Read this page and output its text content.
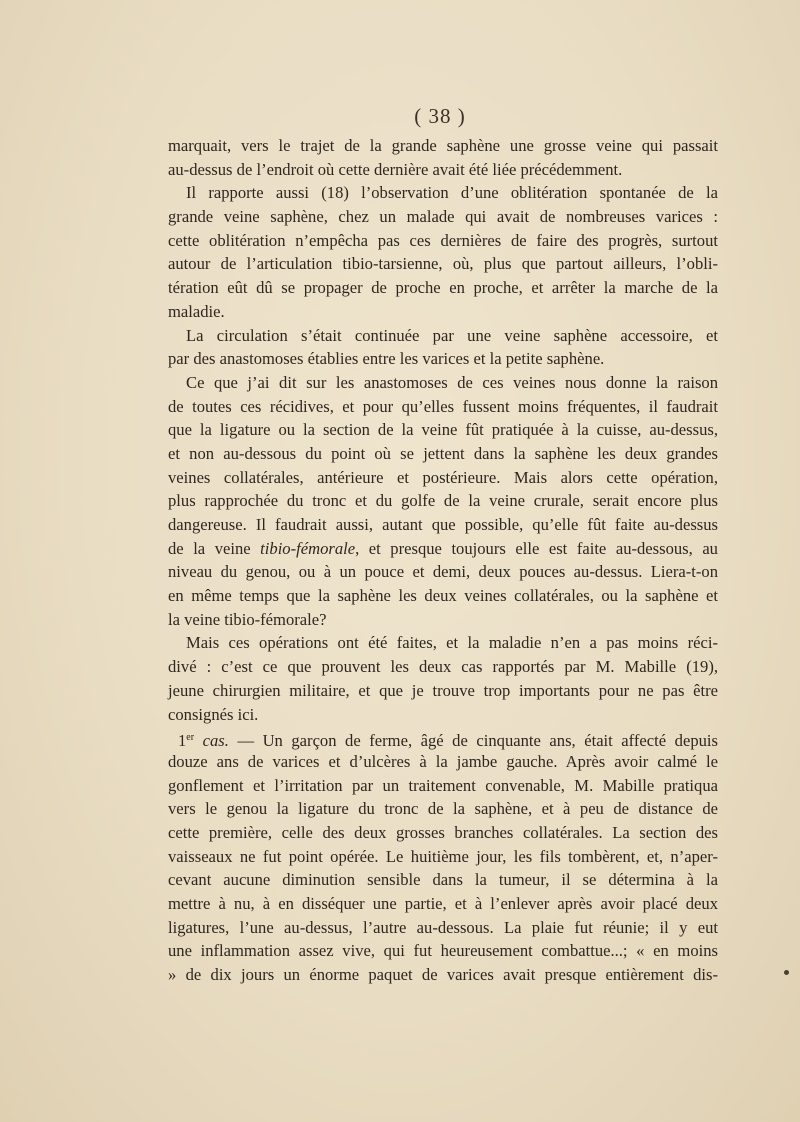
( 38 )
marquait, vers le trajet de la grande saphène une grosse veine qui passait
au-dessus de l’endroit où cette dernière avait été liée précédemment.
Il rapporte aussi (18) l’observation d’une oblitération spontanée de la
grande veine saphène, chez un malade qui avait de nombreuses varices :
cette oblitération n’empêcha pas ces dernières de faire des progrès, surtout
autour de l’articulation tibio-tarsienne, où, plus que partout ailleurs, l’obli-
tération eût dû se propager de proche en proche, et arrêter la marche de la
maladie.
La circulation s’était continuée par une veine saphène accessoire, et
par des anastomoses établies entre les varices et la petite saphène.
Ce que j’ai dit sur les anastomoses de ces veines nous donne la raison
de toutes ces récidives, et pour qu’elles fussent moins fréquentes, il faudrait
que la ligature ou la section de la veine fût pratiquée à la cuisse, au-dessus,
et non au-dessous du point où se jettent dans la saphène les deux grandes
veines collatérales, antérieure et postérieure. Mais alors cette opération,
plus rapprochée du tronc et du golfe de la veine crurale, serait encore plus
dangereuse. Il faudrait aussi, autant que possible, qu’elle fût faite au-dessus
de la veine tibio-fémorale, et presque toujours elle est faite au-dessous, au
niveau du genou, ou à un pouce et demi, deux pouces au-dessus. Liera-t-on
en même temps que la saphène les deux veines collatérales, ou la saphène et
la veine tibio-fémorale?
Mais ces opérations ont été faites, et la maladie n’en a pas moins réci-
divé : c’est ce que prouvent les deux cas rapportés par M. Mabille (19),
jeune chirurgien militaire, et que je trouve trop importants pour ne pas être
consignés ici.
1er cas. — Un garçon de ferme, âgé de cinquante ans, était affecté depuis
douze ans de varices et d’ulcères à la jambe gauche. Après avoir calmé le
gonflement et l’irritation par un traitement convenable, M. Mabille pratiqua
vers le genou la ligature du tronc de la saphène, et à peu de distance de
cette première, celle des deux grosses branches collatérales. La section des
vaisseaux ne fut point opérée. Le huitième jour, les fils tombèrent, et, n’aper-
cevant aucune diminution sensible dans la tumeur, il se détermina à la
mettre à nu, à en disséquer une partie, et à l’enlever après avoir placé deux
ligatures, l’une au-dessus, l’autre au-dessous. La plaie fut réunie; il y eut
une inflammation assez vive, qui fut heureusement combattue...; « en moins
» de dix jours un énorme paquet de varices avait presque entièrement dis-
